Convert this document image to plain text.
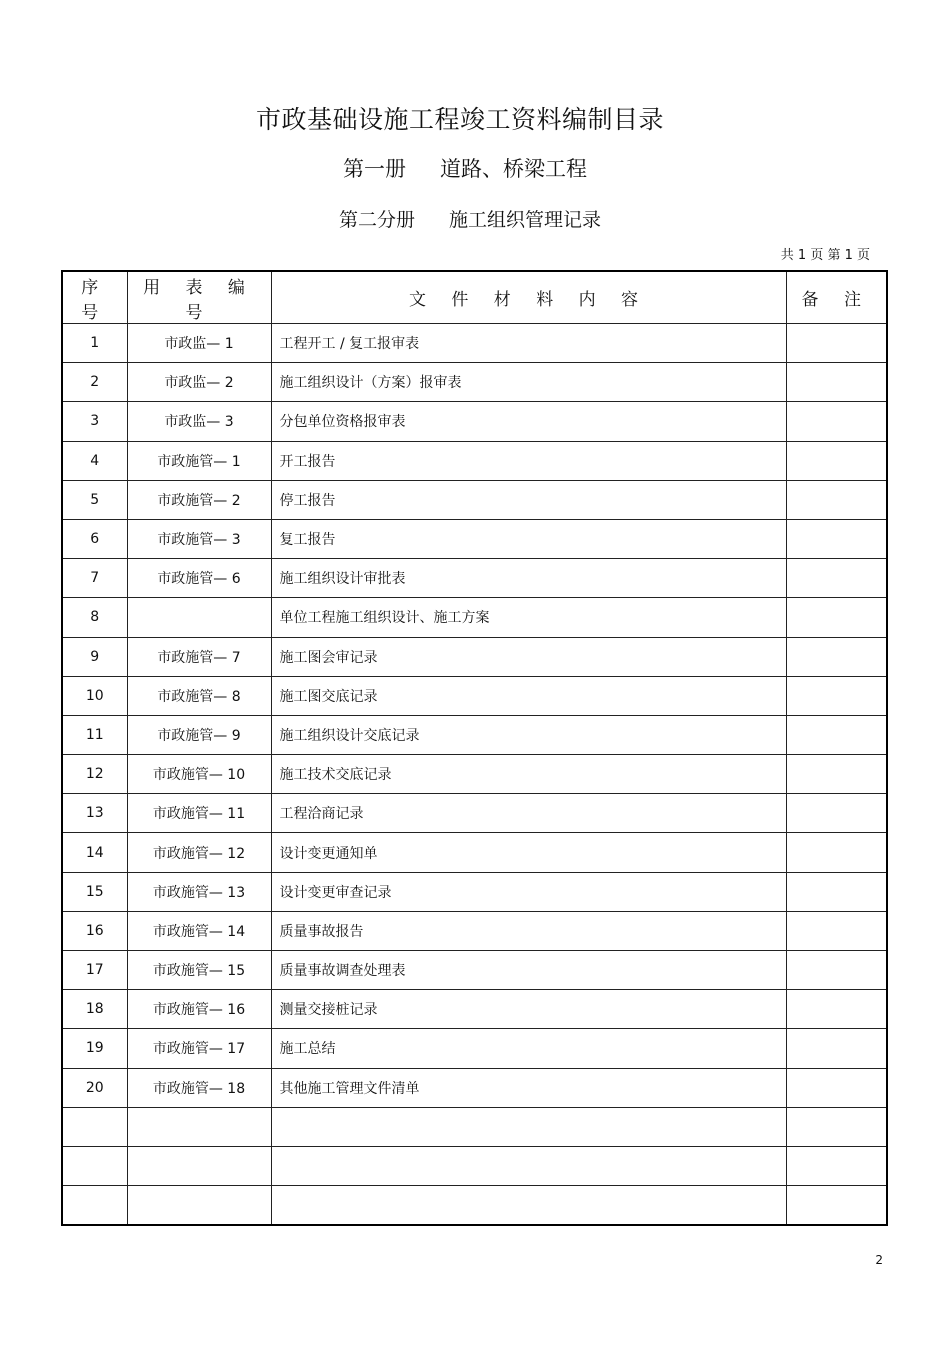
市政基础设施工程竣工资料编制目录
第一册 道路、桥梁工程
第二分册 施工组织管理记录
共 1 页 第 1 页
序 号	用 表 编 号	文 件 材 料 内 容	备 注
1	市政监— 1	工程开工 / 复工报审表	
2	市政监— 2	施工组织设计（方案）报审表	
3	市政监— 3	分包单位资格报审表	
4	市政施管— 1	开工报告	
5	市政施管— 2	停工报告	
6	市政施管— 3	复工报告	
7	市政施管— 6	施工组织设计审批表	
8		单位工程施工组织设计、施工方案	
9	市政施管— 7	施工图会审记录	
10	市政施管— 8	施工图交底记录	
11	市政施管— 9	施工组织设计交底记录	
12	市政施管— 10	施工技术交底记录	
13	市政施管— 11	工程洽商记录	
14	市政施管— 12	设计变更通知单	
15	市政施管— 13	设计变更审查记录	
16	市政施管— 14	质量事故报告	
17	市政施管— 15	质量事故调查处理表	
18	市政施管— 16	测量交接桩记录	
19	市政施管— 17	施工总结	
20	市政施管— 18	其他施工管理文件清单	

2
